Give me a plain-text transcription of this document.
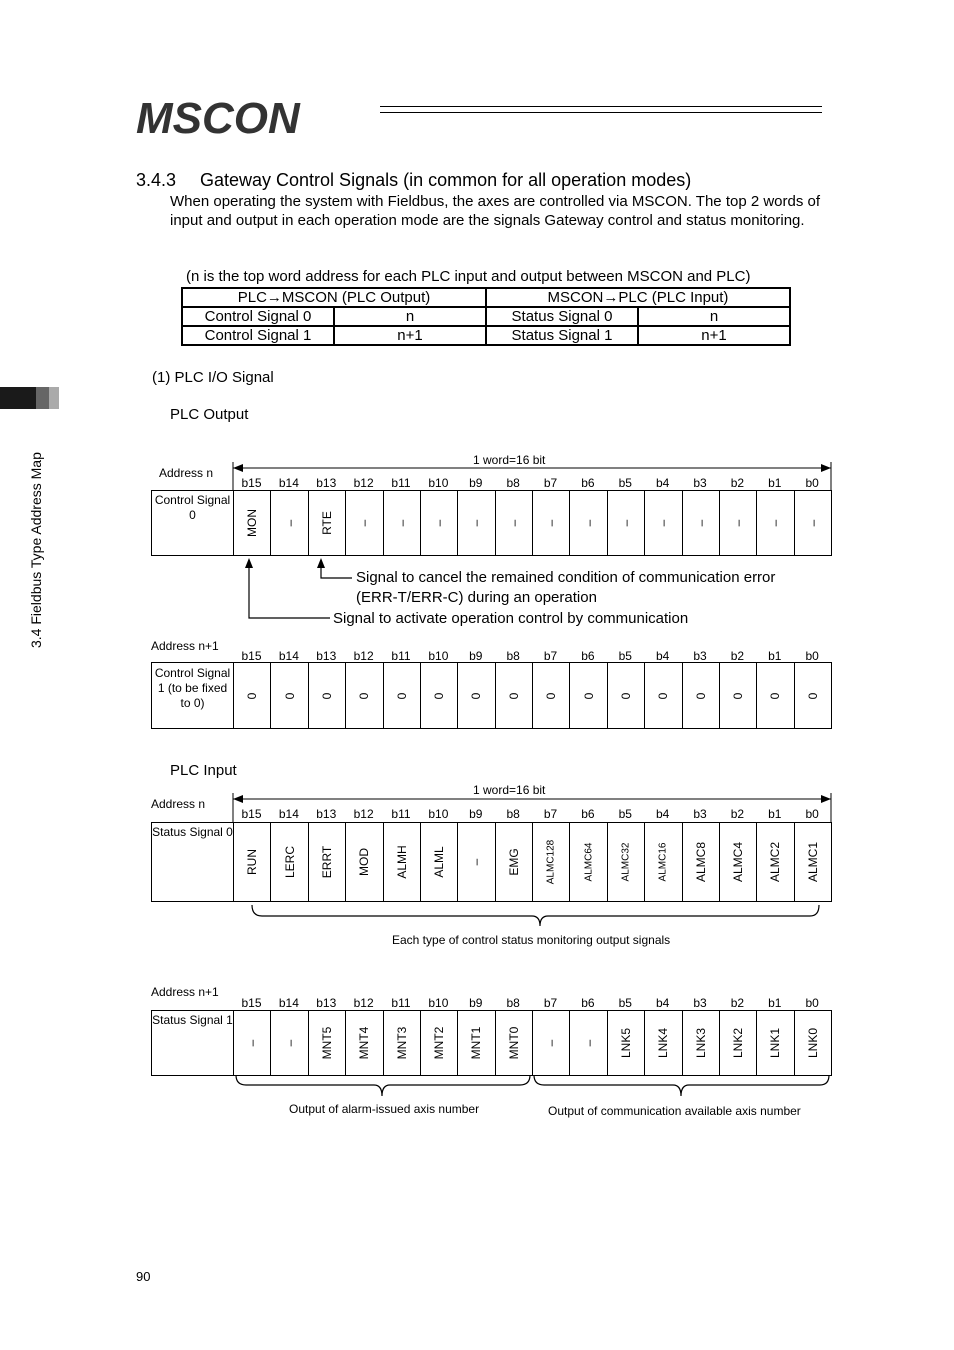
MSCON
3.4.3 Gateway Control Signals (in common for all operation modes)
When operating the system with Fieldbus, the axes are controlled via MSCON. The top 2 words of input and output in each operation mode are the signals Gateway control and status monitoring.
(n is the top word address for each PLC input and output between MSCON and PLC)
PLC→MSCON (PLC Output)		MSCON→PLC (PLC Input)	
Control Signal 0	n	Status Signal 0	n
Control Signal 1	n+1	Status Signal 1	n+1
3.4 Fieldbus Type Address Map
(1) PLC I/O Signal
PLC Output
PLC Input
Address n
1 word=16 bit
b15	b14	b13	b12	b11	b10	b9	b8	b7	b6	b5	b4	b3	b2	b1	b0
Control Signal 0	MON – RTE – – – – – – – – – – – – –
Address n+1
b15	b14	b13	b12	b11	b10	b9	b8	b7	b6	b5	b4	b3	b2	b1	b0
Control Signal 1 (to be fixed to 0)
0 0 0 0 0 0 0 0 0 0 0 0 0 0 0 0
Signal to cancel the remained condition of communication error
(ERR-T/ERR-C) during an operation
Signal to activate operation control by communication
Address n
1 word=16 bit
b15	b14	b13	b12	b11	b10	b9	b8	b7	b6	b5	b4	b3	b2	b1	b0
Status Signal 0
RUN LERC ERRT MOD ALMH ALML – EMG ALMC128	ALMC64	ALMC32	ALMC16 ALMC8 ALMC4 ALMC2 ALMC1
Each type of control status monitoring output signals
Address n+1
b15	b14	b13	b12	b11	b10	b9	b8	b7	b6	b5	b4	b3	b2	b1	b0
Status Signal 1
– – MNT5 MNT4 MNT3 MNT2 MNT1 MNT0 – – LNK5 LNK4 LNK3 LNK2 LNK1 LNK0
Output of alarm-issued axis number	Output of communication available axis number
90
